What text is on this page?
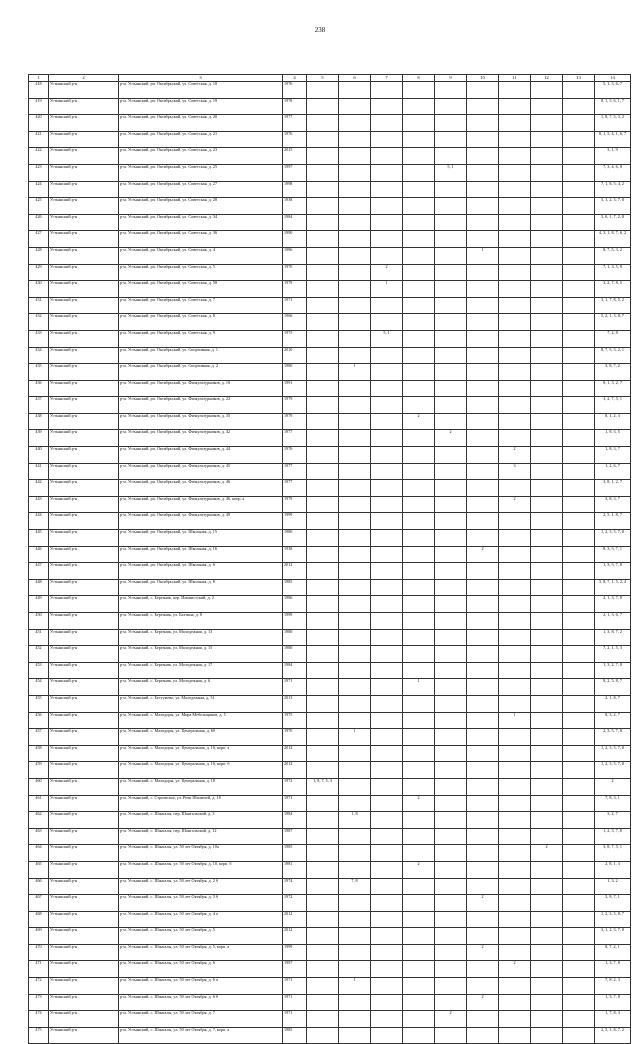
238
1	2	3	4	5	6	7	8	9	10	11	12	13	14
418	Устьянский р-н	р-н. Устьянский, рп. Октябрьский, ул. Советская, д. 18	1976										5, 1, 3, 6, 7
419	Устьянский р-н	р-н. Устьянский, рп. Октябрьский, ул. Советская, д. 19	1978										8, 1, 5, 6, 1, 7
420	Устьянский р-н	р-н. Устьянский, рп. Октябрьский, ул. Советская, д. 20	1977										1, 8, 7, 5, 3, 2
421	Устьянский р-н	р-н. Устьянский, рп. Октябрьский, ул. Советская, д. 21	1976										8, 1, 5, 4, 1, 6, 7
422	Устьянский р-н	р-н. Устьянский, рп. Октябрьский, ул. Советская, д. 23	2015										3, 1, 9
423	Устьянский р-н	р-н. Устьянский, рп. Октябрьский, ул. Советская, д. 25	1997					5, 1					7, 3, 4, 6, 8
424	Устьянский р-н	р-н. Устьянский, рп. Октябрьский, ул. Советская, д. 27	1998										7, 1, 8, 5, 4, 2
425	Устьянский р-н	р-н. Устьянский, рп. Октябрьский, ул. Советская, д. 28	1938										5, 1, 2, 3, 7, 8
426	Устьянский р-н	р-н. Устьянский, рп. Октябрьский, ул. Советская, д. 34	1984										3, 6, 1, 7, 2, 8
427	Устьянский р-н	р-н. Устьянский, рп. Октябрьский, ул. Советская, д. 36	1990										4, 3, 1, 8, 7, 6, 2
428	Устьянский р-н	р-н. Устьянский, рп. Октябрьский, ул. Советская, д. 4	1986						1				8, 7, 5, 3, 2
429	Устьянский р-н	р-н. Устьянский, рп. Октябрьский, ул. Советская, д. 5	1970			2							7, 1, 3, 5, 8
430	Устьянский р-н	р-н. Устьянский, рп. Октябрьский, ул. Советская, д. 58	1979			1							3, 2, 7, 8, 5
431	Устьянский р-н	р-н. Устьянский, рп. Октябрьский, ул. Советская, д. 7	1971										3, 1, 7, 8, 5, 2
432	Устьянский р-н	р-н. Устьянский, рп. Октябрьский, ул. Советская, д. 8	1966										5, 2, 1, 3, 8, 7
433	Устьянский р-н	р-н. Устьянский, рп. Октябрьский, ул. Советская, д. 9	1975			5, 1							7, 2, 8
434	Устьянский р-н	р-н. Устьянский, рп. Октябрьский, ул. Спортивная, д. 1	2010										8, 7, 5, 3, 2, 1
435	Устьянский р-н	р-н. Устьянский, рп. Октябрьский, ул. Спортивная, д. 2	1980		1								3, 8, 7, 2
436	Устьянский р-н	р-н. Устьянский, рп. Октябрьский, ул. Физкультурников, д. 10	1991										8, 1, 3, 2, 7
437	Устьянский р-н	р-н. Устьянский, рп. Октябрьский, ул. Физкультурников, д. 22	1979										3, 2, 7, 5, 1
438	Устьянский р-н	р-н. Устьянский, рп. Октябрьский, ул. Физкультурников, д. 35	1979				2						8, 1, 2, 3
439	Устьянский р-н	р-н. Устьянский, рп. Октябрьский, ул. Физкультурников, д. 42	1977					2					1, 8, 3, 5
440	Устьянский р-н	р-н. Устьянский, рп. Октябрьский, ул. Физкультурников, д. 44	1976							2			1, 8, 3, 7
441	Устьянский р-н	р-н. Устьянский, рп. Октябрьский, ул. Физкультурников, д. 45	1977							3			1, 2, 6, 7
442	Устьянский р-н	р-н. Устьянский, рп. Октябрьский, ул. Физкультурников, д. 46	1977										3, 8, 1, 2, 7
443	Устьянский р-н	р-н. Устьянский, рп. Октябрьский, ул. Физкультурников, д. 46, копр. а	1979							2			3, 8, 3, 7
444	Устьянский р-н	р-н. Устьянский, рп. Октябрьский, ул. Физкультурников, д. 49	1999										2, 5, 1, 8, 7
445	Устьянский р-н	р-н. Устьянский, рп. Октябрьский, ул. Школьная, д. 15	1980										1, 2, 3, 5, 7, 8
446	Устьянский р-н	р-н. Устьянский, рп. Октябрьский, ул. Школьная, д. 16	1938						2				8, 3, 5, 7, 1
447	Устьянский р-н	р-н. Устьянский, рп. Октябрьский, ул. Школьная, д. 6	2012										1, 3, 5, 7, 8
448	Устьянский р-н	р-н. Устьянский, рп. Октябрьский, ул. Школьная, д. 8	1985										3, 8, 7, 1, 5, 2, 4
449	Устьянский р-н	р-н. Устьянский, с. Березник, пер. Имовистский, д. 2	1986										2, 1, 3, 7, 8
450	Устьянский р-н	р-н. Устьянский, с. Березник, ул. Бахтина, д. 8	1999										2, 1, 3, 6, 7
451	Устьянский р-н	р-н. Устьянский, с. Березник, ул. Молодежная, д. 13	1980										1, 3, 8, 7, 2
452	Устьянский р-н	р-н. Устьянский, с. Березник, ул. Молодежная, д. 15	1980										7, 2, 1, 5, 3
453	Устьянский р-н	р-н. Устьянский, с. Березник, ул. Молодежная, д. 17	1984										1, 3, 2, 7, 8
454	Устьянский р-н	р-н. Устьянский, с. Березник, ул. Молодежная, д. 6	1971				1						8, 2, 5, 8, 7
455	Устьянский р-н	р-н. Устьянский, с. Бестужево, ул. Молодежная, д. 31	2013										2, 1, 8, 7
456	Устьянский р-н	р-н. Устьянский, с. Малодоры, ул. Мира Мебельщиков, д. 5	1975							1			8, 3, 2, 7
457	Устьянский р-н	р-н. Устьянский, с. Малодоры, ул. Центральная, д. 60	1970		1								2, 3, 5, 7, 8
458	Устьянский р-н	р-н. Устьянский, с. Малодоры, ул. Центральная, д. 16, корп. а	2012										1, 2, 3, 5, 7, 8
459	Устьянский р-н	р-н. Устьянский, с. Малодоры, ул. Центральная, д. 16, корп. б	2012										1, 2, 3, 5, 7, 8
460	Устьянский р-н	р-н. Устьянский, с. Малодоры, ул. Центральная, д. 18	1972	1, 8, 7, 5, 3									2
461	Устьянский р-н	р-н. Устьянский, с. Строевское, ул. Речи Шилючей, д. 18	1971				2						7, 8, 3, 1
462	Устьянский р-н	р-н. Устьянский, с. Шангалы, пер. Шангальский, д. 3	1984		1, 8								3, 2, 7
463	Устьянский р-н	р-н. Устьянский, с. Шангалы, пер. Шангальский, д. 12	1987										1, 2, 3, 7, 8
464	Устьянский р-н	р-н. Устьянский, с. Шангалы, ул. 50 лет Октября, д. 10а	1985								2		3, 8, 7, 5, 1
465	Устьянский р-н	р-н. Устьянский, с. Шангалы, ул. 50 лет Октября, д. 10, корп. б	1981				2						2, 8, 1, 3
466	Устьянский р-н	р-н. Устьянский, с. Шангалы, ул. 50 лет Октября, д. 2 б	1974		7, 8								1, 3, 2
467	Устьянский р-н	р-н. Устьянский, с. Шангалы, ул. 50 лет Октября, д. 3 б	1972						2				3, 8, 7, 1
468	Устьянский р-н	р-н. Устьянский, с. Шангалы, ул. 50 лет Октября, д. 4 а	2012										1, 2, 3, 5, 8, 7
469	Устьянский р-н	р-н. Устьянский, с. Шангалы, ул. 50 лет Октября, д. 5	2012										3, 1, 2, 3, 7, 8
470	Устьянский р-н	р-н. Устьянский, с. Шангалы, ул. 50 лет Октября, д. 5, корп. а	1999						2				8, 7, 2, 1
471	Устьянский р-н	р-н. Устьянский, с. Шангалы, ул. 50 лет Октября, д. 6	1997							2			1, 3, 7, 8
472	Устьянский р-н	р-н. Устьянский, с. Шангалы, ул. 50 лет Октября, д. 6 а	1971		1								7, 8, 2, 3
473	Устьянский р-н	р-н. Устьянский, с. Шангалы, ул. 50 лет Октября, д. 6 б	1971						2				1, 3, 7, 8
474	Устьянский р-н	р-н. Устьянский, с. Шангалы, ул. 50 лет Октября, д. 7	1971					2					1, 7, 8, 3
475	Устьянский р-н	р-н. Устьянский, с. Шангалы, ул. 50 лет Октября, д. 7, корп. а	1985										2, 5, 1, 8, 7, 2
